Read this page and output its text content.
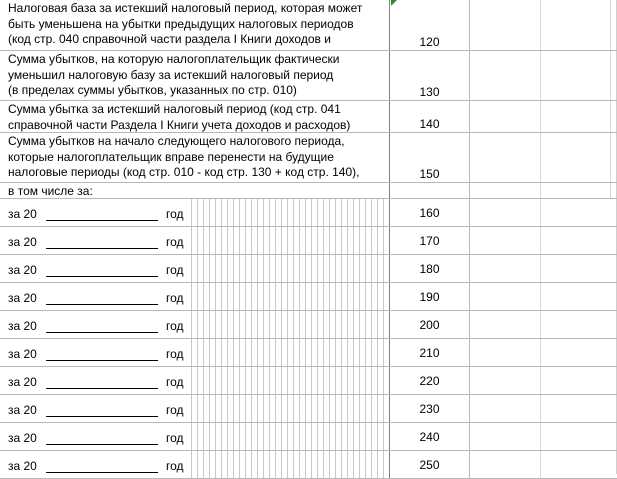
Налоговая база за истекший налоговый период, которая может
быть уменьшена на убытки предыдущих налоговых периодов
(код стр. 040 справочной части раздела I Книги доходов и	120
Сумма убытков, на которую налогоплательщик фактически
уменьшил налоговую базу за истекший налоговый период
(в пределах суммы убытков, указанных по стр. 010)	130
Сумма убытка за истекший налоговый период (код стр. 041
справочной части Раздела I Книги учета доходов и расходов)	140
Сумма убытков на начало следующего налогового периода,
которые налогоплательщик вправе перенести на будущие
налоговые периоды (код стр. 010 - код стр. 130 + код стр. 140),	150
в том числе за:
за 20	год	160
за 20	год	170
за 20	год	180
за 20	год	190
за 20	год	200
за 20	год	210
за 20	год	220
за 20	год	230
за 20	год	240
за 20	год	250
